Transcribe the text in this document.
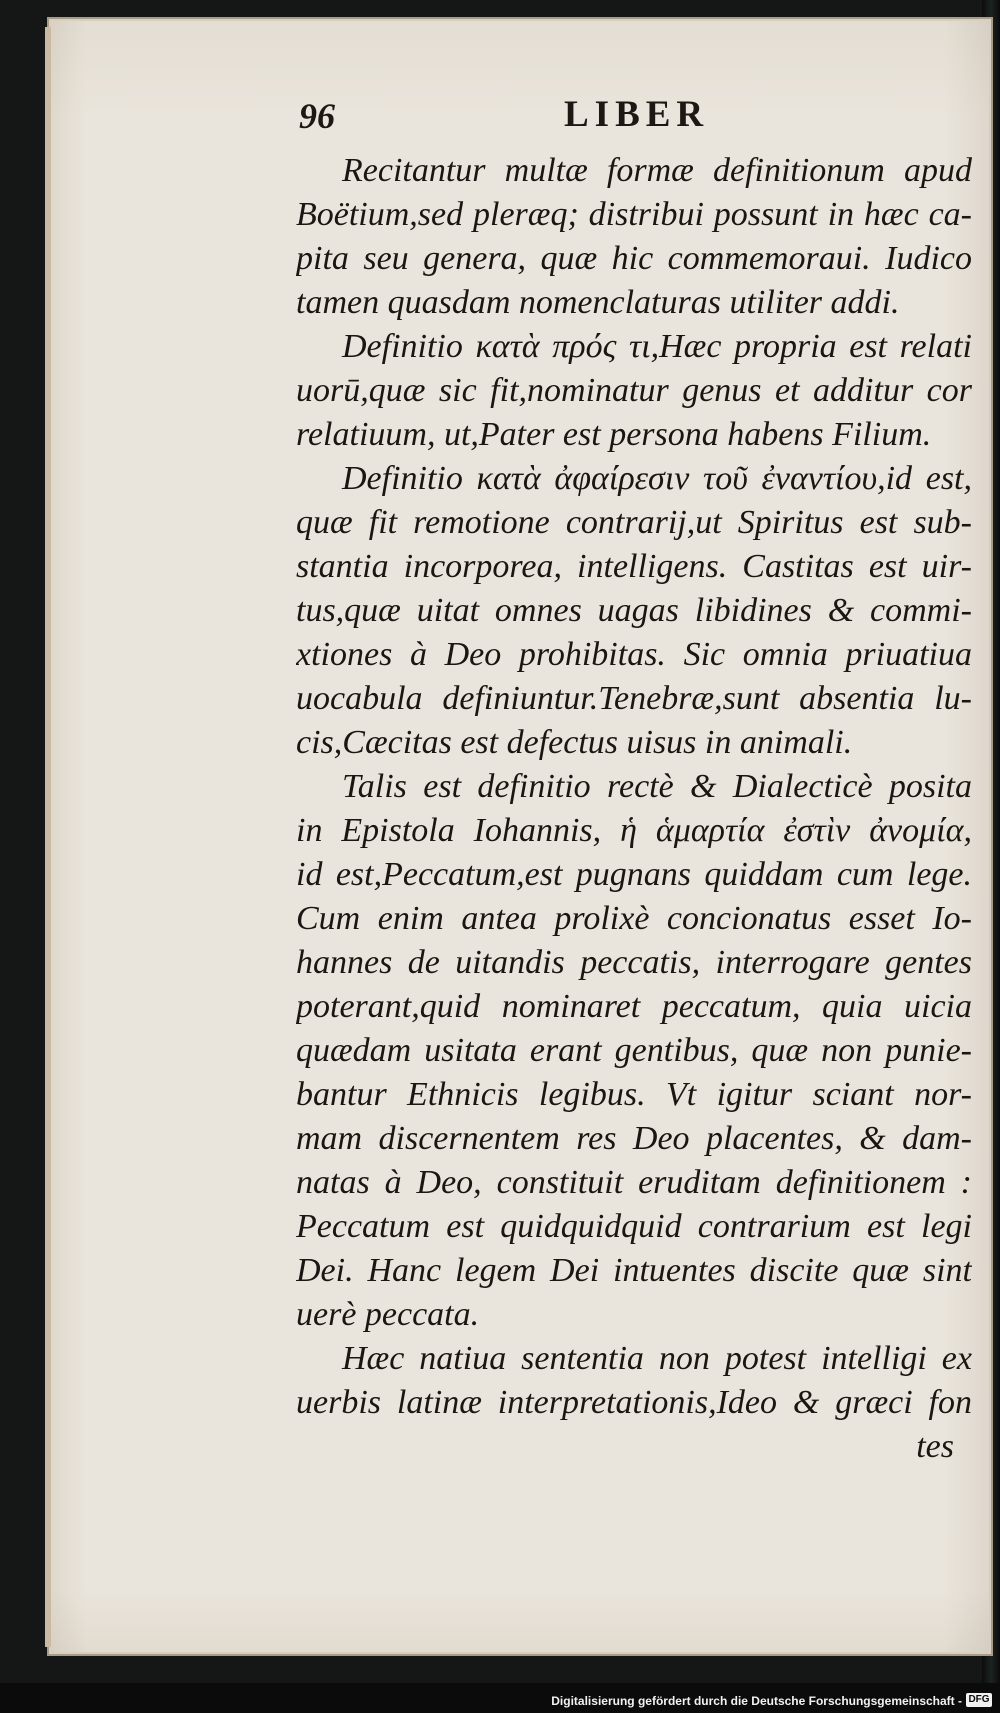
96	LIBER
Recitantur multæ formæ definitionum apud
Boëtium,sed pleræq; distribui possunt in hæc ca-
pita seu genera, quæ hic commemoraui. Iudico
tamen quasdam nomenclaturas utiliter addi.
Definitio κατὰ πρός τι,Hæc propria est relati
uorū,quæ sic fit,nominatur genus et additur cor
relatiuum, ut,Pater est persona habens Filium.
Definitio κατὰ ἀφαίρεσιν τοῦ ἐναντίου,id est,
quæ fit remotione contrarij,ut Spiritus est sub-
stantia incorporea, intelligens. Castitas est uir-
tus,quæ uitat omnes uagas libidines & commi-
xtiones à Deo prohibitas. Sic omnia priuatiua
uocabula definiuntur.Tenebræ,sunt absentia lu-
cis,Cæcitas est defectus uisus in animali.
Talis est definitio rectè & Dialecticè posita
in Epistola Iohannis, ἡ ἁμαρτία ἐστὶν ἀνομία,
id est,Peccatum,est pugnans quiddam cum lege.
Cum enim antea prolixè concionatus esset Io-
hannes de uitandis peccatis, interrogare gentes
poterant,quid nominaret peccatum, quia uicia
quædam usitata erant gentibus, quæ non punie-
bantur Ethnicis legibus. Vt igitur sciant nor-
mam discernentem res Deo placentes, & dam-
natas à Deo, constituit eruditam definitionem :
Peccatum est quidquidquid contrarium est legi
Dei. Hanc legem Dei intuentes discite quæ sint
uerè peccata.
Hæc natiua sententia non potest intelligi ex
uerbis latinæ interpretationis,Ideo & græci fon
tes
Digitalisierung gefördert durch die Deutsche Forschungsgemeinschaft - DFG
